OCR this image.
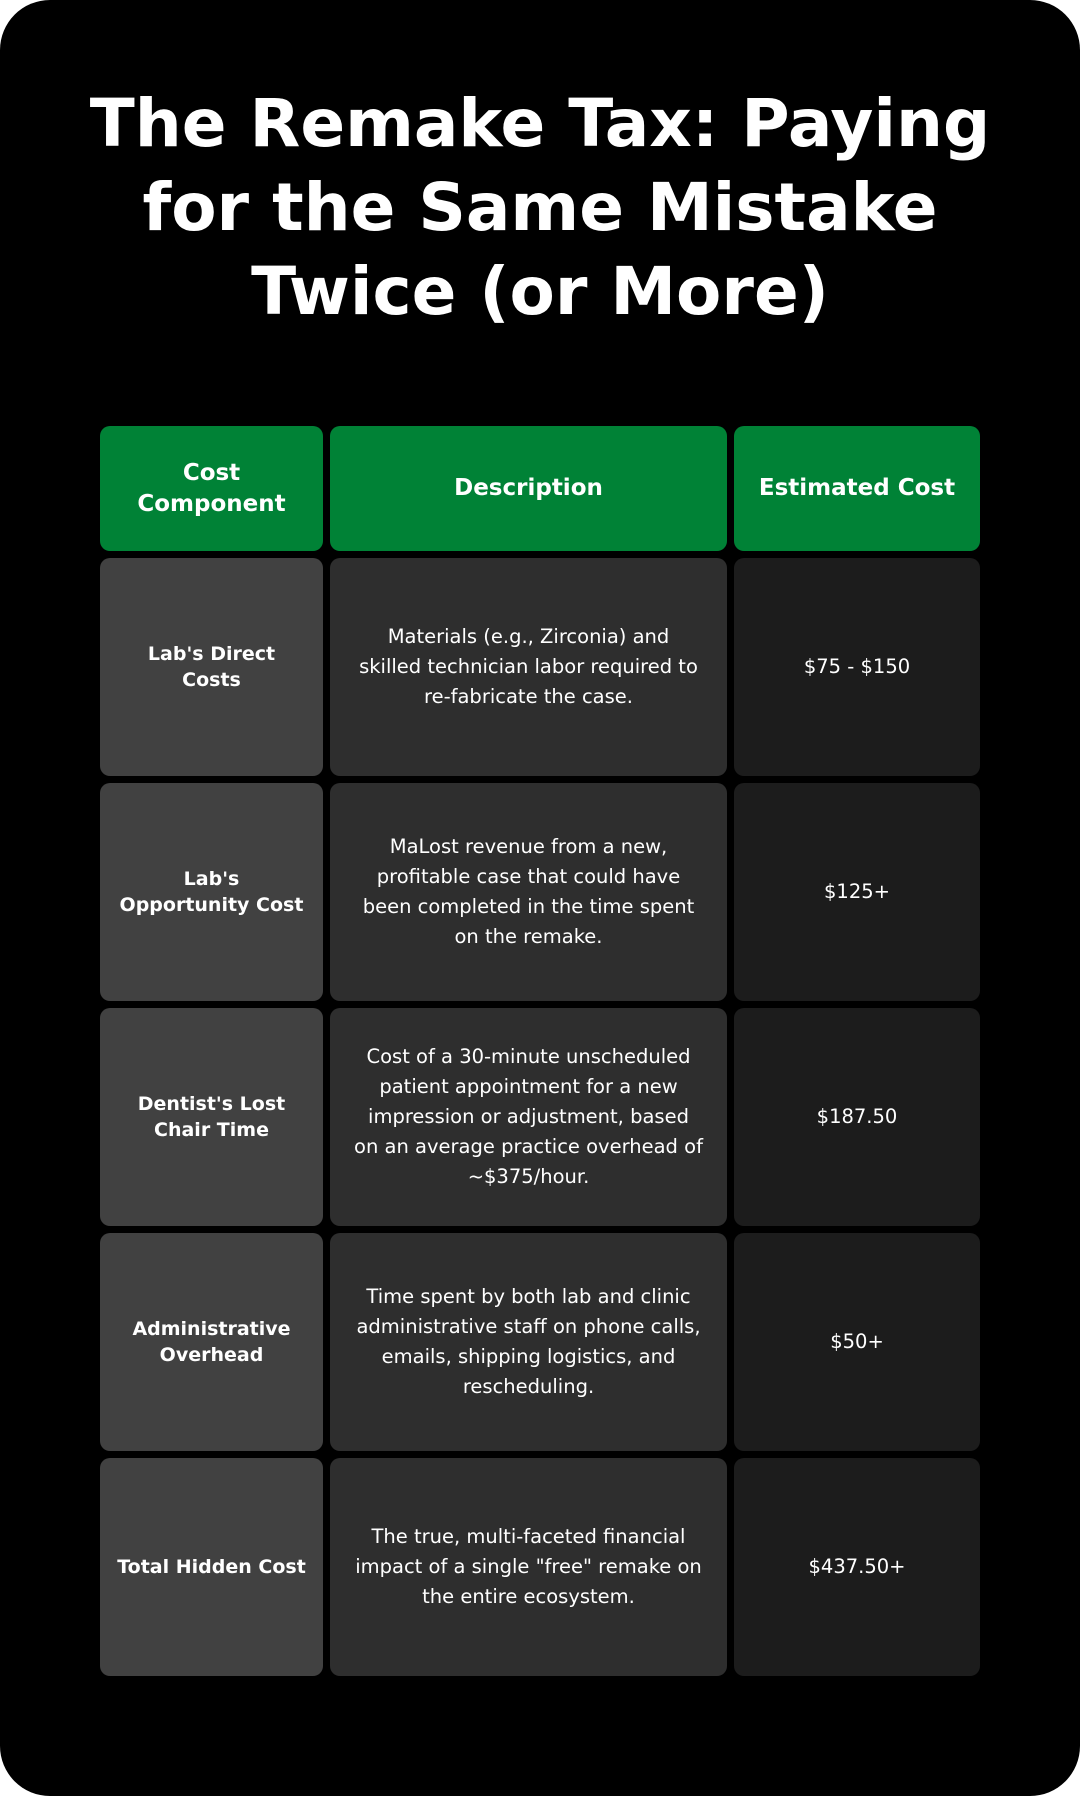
The Remake Tax: Paying for the Same Mistake Twice (or More)
Cost Component
Description	Estimated Cost
Lab's Direct Costs
Materials (e.g., Zirconia) and skilled technician labor required to re-fabricate the case.
$75 - $150
Lab's Opportunity Cost
MaLost revenue from a new, profitable case that could have been completed in the time spent on the remake.
$125+
Dentist's Lost Chair Time
Cost of a 30-minute unscheduled patient appointment for a new impression or adjustment, based on an average practice overhead of ~$375/hour.
$187.50
Administrative Overhead
Time spent by both lab and clinic administrative staff on phone calls, emails, shipping logistics, and rescheduling.
$50+
Total Hidden Cost
The true, multi-faceted financial impact of a single "free" remake on the entire ecosystem.
$437.50+
